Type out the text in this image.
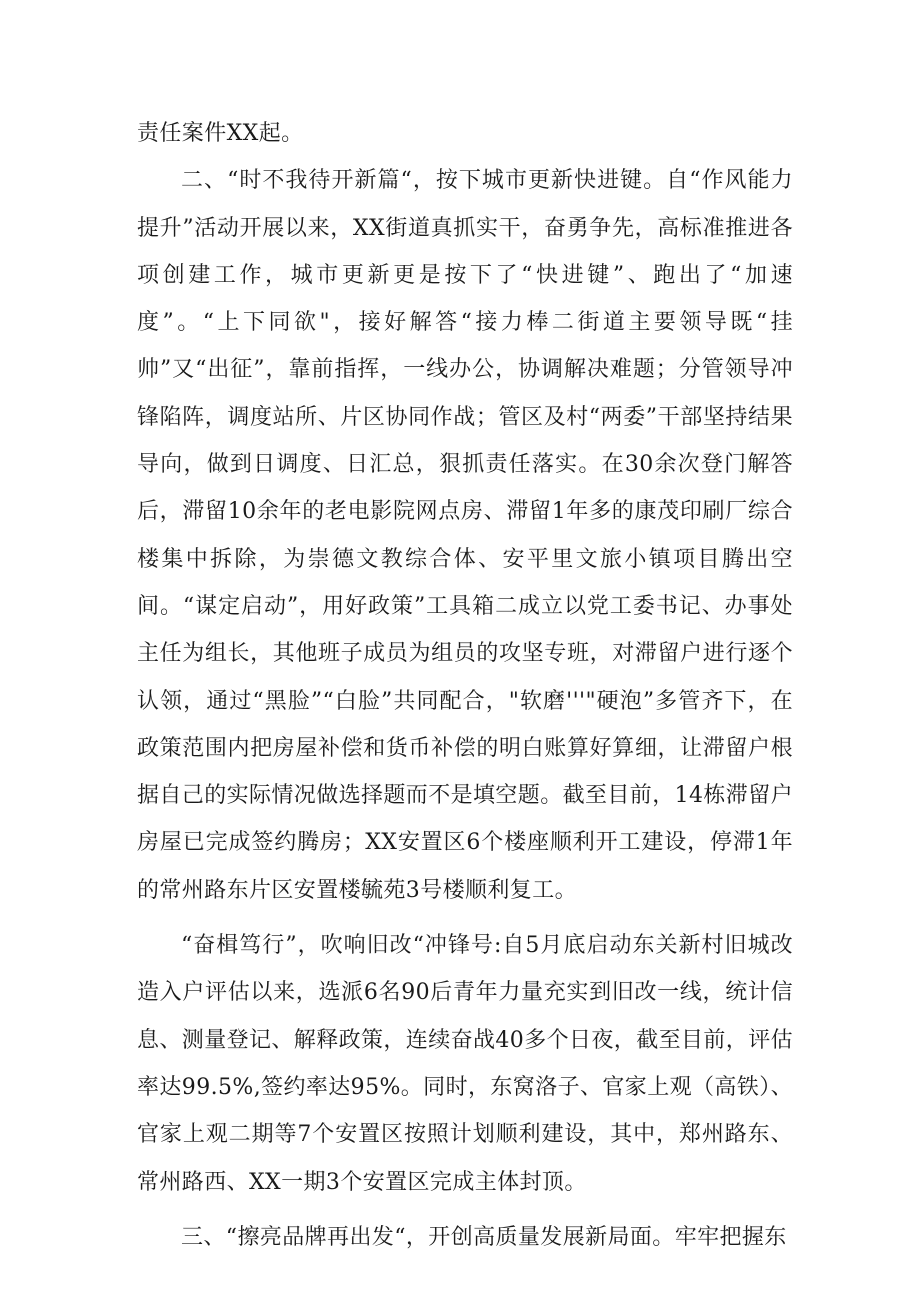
责任案件XX起。

二、“时不我待开新篇“，按下城市更新快进键。自“作风能力提升”活动开展以来，XX街道真抓实干，奋勇争先，高标准推进各项创建工作，城市更新更是按下了“快进键”、跑出了“加速度”。“上下同欲"，接好解答“接力棒二街道主要领导既“挂帅”又“出征”，靠前指挥，一线办公，协调解决难题；分管领导冲锋陷阵，调度站所、片区协同作战；管区及村“两委”干部坚持结果导向，做到日调度、日汇总，狠抓责任落实。在30余次登门解答后，滞留10余年的老电影院网点房、滞留1年多的康茂印刷厂综合楼集中拆除，为崇德文教综合体、安平里文旅小镇项目腾出空间。“谋定启动”，用好政策”工具箱二成立以党工委书记、办事处主任为组长，其他班子成员为组员的攻坚专班，对滞留户进行逐个认领，通过“黑脸”“白脸”共同配合，"软磨'''"硬泡”多管齐下，在政策范围内把房屋补偿和货币补偿的明白账算好算细，让滞留户根据自己的实际情况做选择题而不是填空题。截至目前，14栋滞留户房屋已完成签约腾房；XX安置区6个楼座顺利开工建设，停滞1年的常州路东片区安置楼毓苑3号楼顺利复工。

“奋楫笃行”，吹响旧改“冲锋号:自5月底启动东关新村旧城改造入户评估以来，选派6名90后青年力量充实到旧改一线，统计信息、测量登记、解释政策，连续奋战40多个日夜，截至目前，评估率达99.5%,签约率达95%。同时，东窝洛子、官家上观（高铁）、官家上观二期等7个安置区按照计划顺利建设，其中，郑州路东、常州路西、XX一期3个安置区完成主体封顶。

三、“擦亮品牌再出发“，开创高质量发展新局面。牢牢把握东
